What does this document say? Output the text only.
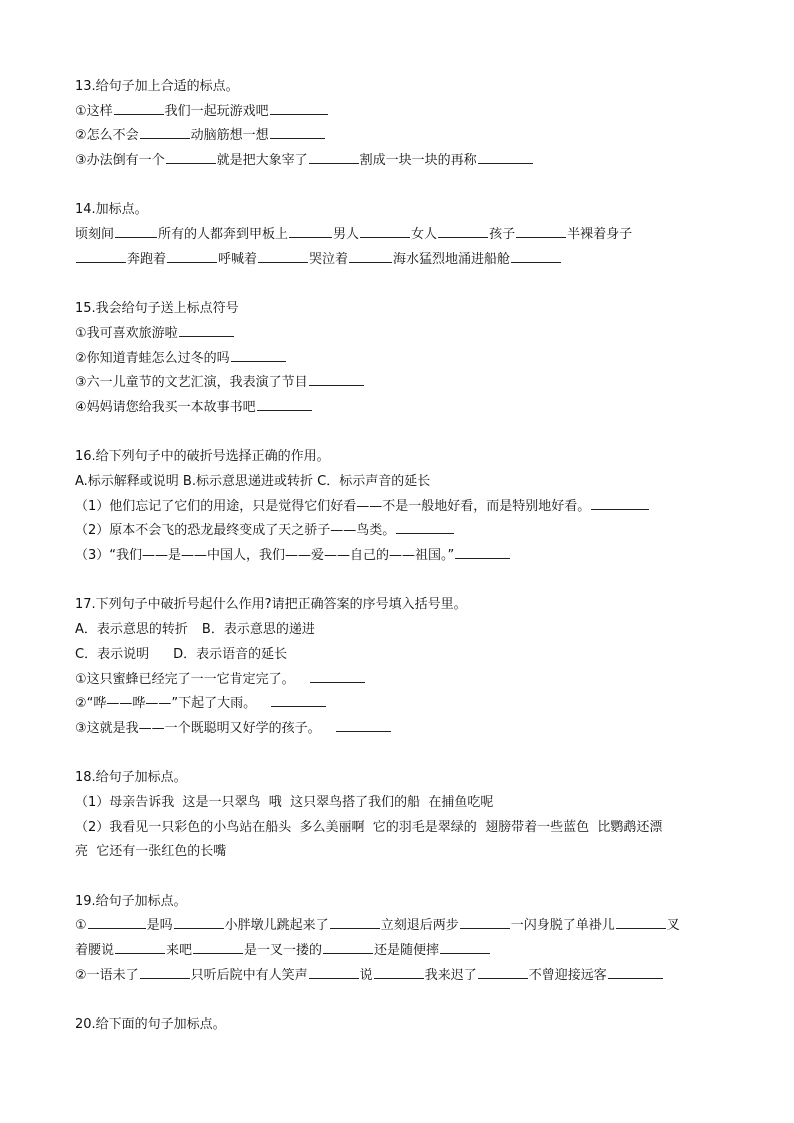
13.给句子加上合适的标点。
①这样	我们一起玩游戏吧
②怎么不会	动脑筋想一想
③办法倒有一个	就是把大象宰了	割成一块一块的再称
14.加标点。
顷刻间	所有的人都奔到甲板上	男人	女人	孩子	半裸着身子
奔跑着	呼喊着	哭泣着	海水猛烈地涌进船舱
15.我会给句子送上标点符号
①我可喜欢旅游啦
②你知道青蛙怎么过冬的吗
③六一儿童节的文艺汇演，我表演了节目
④妈妈请您给我买一本故事书吧
16.给下列句子中的破折号选择正确的作用。
A.标示解释或说明 B.标示意思递进或转折 C．标示声音的延长
（1）他们忘记了它们的用途，只是觉得它们好看——不是一般地好看，而是特别地好看。
（2）原本不会飞的恐龙最终变成了天之骄子——鸟类。
（3）“我们——是——中国人，我们——爱——自己的——祖国。”
17.下列句子中破折号起什么作用?请把正确答案的序号填入括号里。
A．表示意思的转折 B．表示意思的递进
C．表示说明 D．表示语音的延长
①这只蜜蜂已经完了一一它肯定完了。
②“哗——哗——”下起了大雨。
③这就是我——一个既聪明又好学的孩子。
18.给句子加标点。
（1）母亲告诉我  这是一只翠鸟  哦  这只翠鸟搭了我们的船  在捕鱼吃呢
（2）我看见一只彩色的小鸟站在船头  多么美丽啊  它的羽毛是翠绿的  翅膀带着一些蓝色  比鹦鹉还漂
亮  它还有一张红色的长嘴
19.给句子加标点。
①	是吗	小胖墩儿跳起来了	立刻退后两步	一闪身脱了单褂儿	叉
着腰说	来吧	是一叉一搂的	还是随便摔
②一语未了	只听后院中有人笑声	说	我来迟了	不曾迎接远客
20.给下面的句子加标点。
